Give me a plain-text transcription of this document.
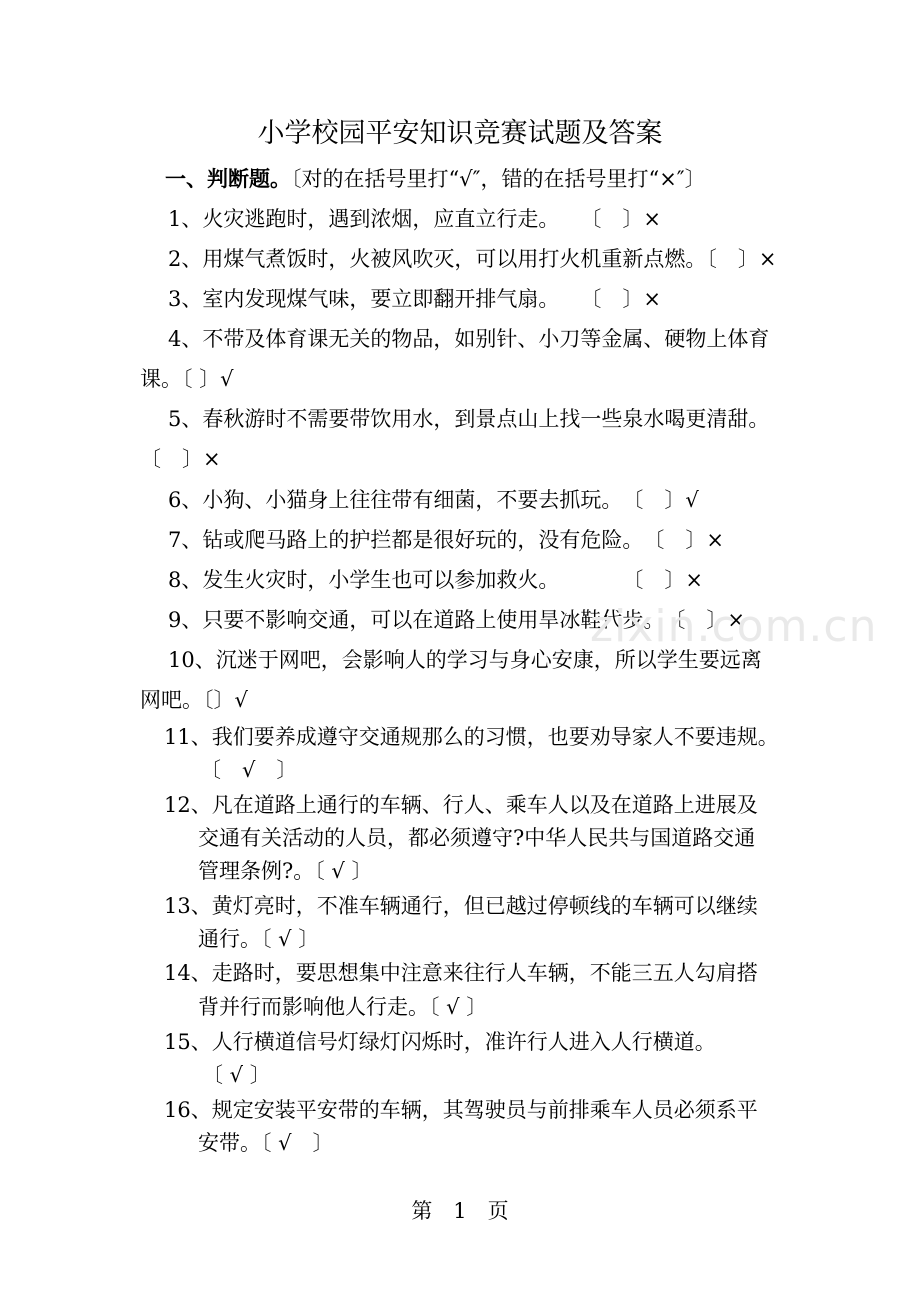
小学校园平安知识竞赛试题及答案
一、判断题。〔对的在括号里打“√″，错的在括号里打“×″〕
1、火灾逃跑时，遇到浓烟，应直立行走。　　〔　〕×
2、用煤气煮饭时，火被风吹灭，可以用打火机重新点燃。〔　〕×
3、室内发现煤气味，要立即翻开排气扇。　　〔　〕×
4、不带及体育课无关的物品，如别针、小刀等金属、硬物上体育
课。〔 〕√
5、春秋游时不需要带饮用水，到景点山上找一些泉水喝更清甜。
〔　〕×
6、小狗、小猫身上往往带有细菌，不要去抓玩。　〔　〕√
7、钻或爬马路上的护拦都是很好玩的，没有危险。　〔　〕×
8、发生火灾时，小学生也可以参加救火。　　　　〔　〕×
9、只要不影响交通，可以在道路上使用旱冰鞋代步。　〔　〕×
10、沉迷于网吧，会影响人的学习与身心安康，所以学生要远离
网吧。〔〕√
11、我们要养成遵守交通规那么的习惯，也要劝导家人不要违规。
〔　√　〕
12、凡在道路上通行的车辆、行人、乘车人以及在道路上进展及
交通有关活动的人员，都必须遵守?中华人民共与国道路交通
管理条例?。〔 √ 〕
13、黄灯亮时，不准车辆通行，但已越过停顿线的车辆可以继续
通行。〔 √ 〕
14、走路时，要思想集中注意来往行人车辆，不能三五人勾肩搭
背并行而影响他人行走。〔 √ 〕
15、人行横道信号灯绿灯闪烁时，准许行人进入人行横道。
〔 √ 〕
16、规定安装平安带的车辆，其驾驶员与前排乘车人员必须系平
安带。〔 √　〕
zixin.com.cn
第　1　页
